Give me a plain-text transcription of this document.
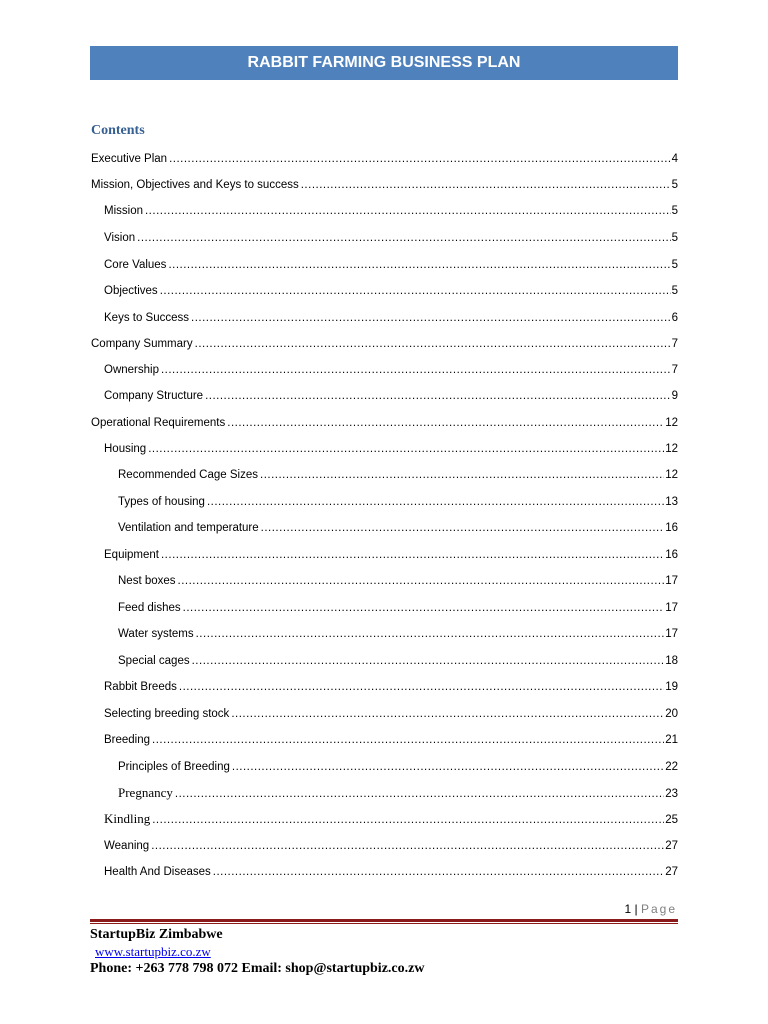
RABBIT FARMING BUSINESS PLAN
Contents
Executive Plan .....	4
Mission, Objectives and Keys to success .....	5
Mission .....	5
Vision .....	5
Core Values .....	5
Objectives .....	5
Keys to Success .....	6
Company Summary .....	7
Ownership .....	7
Company Structure .....	9
Operational Requirements .....	12
Housing .....	12
Recommended Cage Sizes .....	12
Types of housing .....	13
Ventilation and temperature .....	16
Equipment .....	16
Nest boxes .....	17
Feed dishes .....	17
Water systems .....	17
Special cages .....	18
Rabbit Breeds .....	19
Selecting breeding stock .....	20
Breeding .....	21
Principles of Breeding .....	22
Pregnancy .....	23
Kindling .....	25
Weaning .....	27
Health And Diseases .....	27
1 | Page
StartupBiz Zimbabwe
www.startupbiz.co.zw
Phone: +263 778 798 072 Email: shop@startupbiz.co.zw
